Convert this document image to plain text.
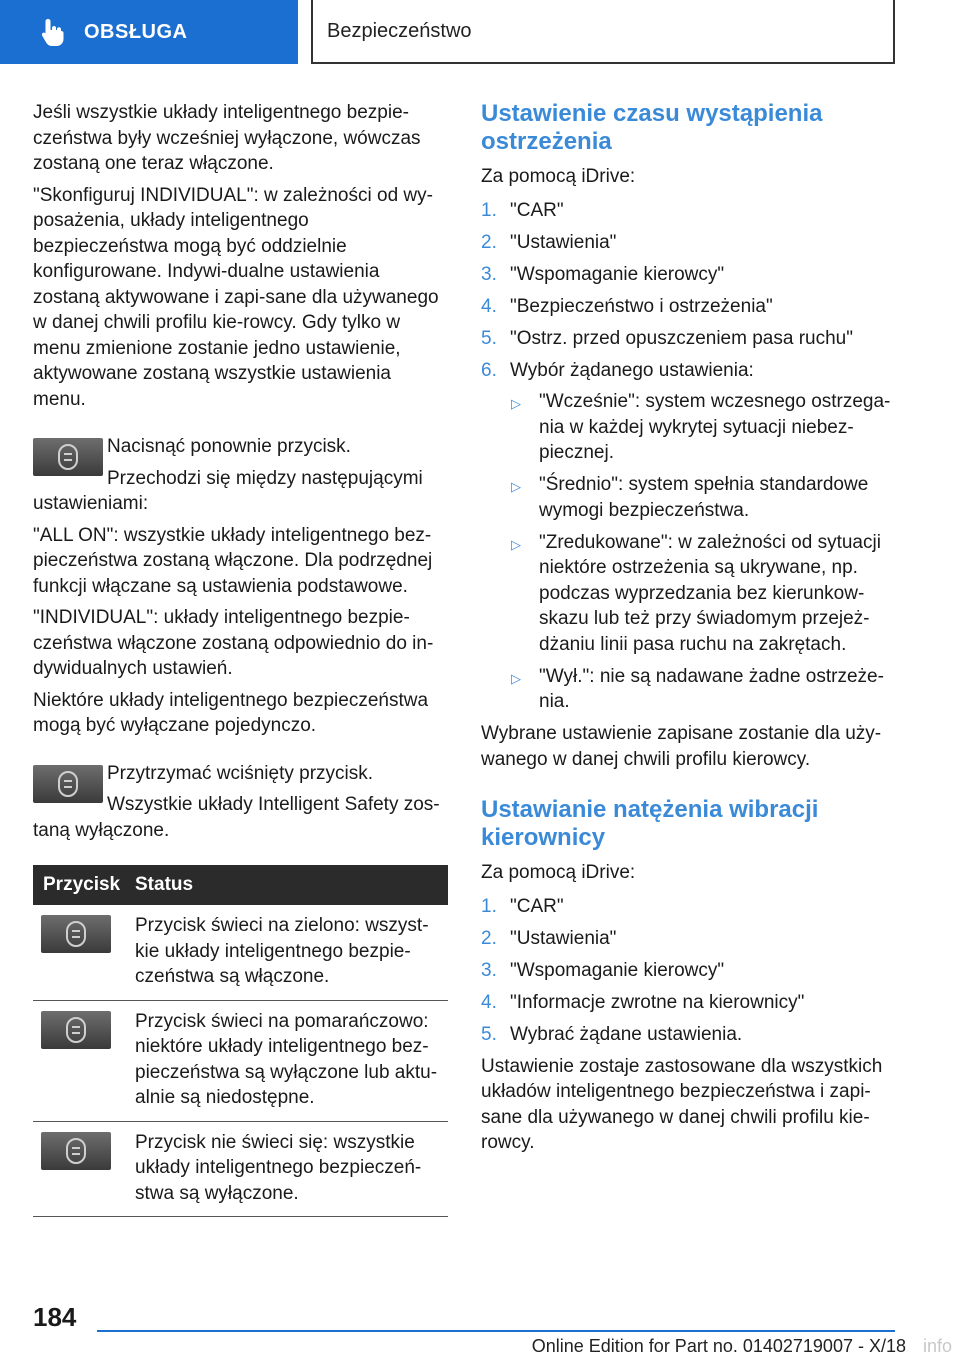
OBSŁUGA	Bezpieczeństwo

Jeśli wszystkie układy inteligentnego bezpie-czeństwa były wcześniej wyłączone, wówczas zostaną one teraz włączone.

"Skonfiguruj INDIVIDUAL": w zależności od wy-posażenia, układy inteligentnego bezpieczeństwa mogą być oddzielnie konfigurowane. Indywi-dualne ustawienia zostaną aktywowane i zapi-sane dla używanego w danej chwili profilu kie-rowcy. Gdy tylko w menu zmienione zostanie jedno ustawienie, aktywowane zostaną wszystkie ustawienia menu.

Nacisnąć ponownie przycisk.

Przechodzi się między następującymi ustawieniami:

"ALL ON": wszystkie układy inteligentnego bez-pieczeństwa zostaną włączone. Dla podrzędnej funkcji włączane są ustawienia podstawowe.

"INDIVIDUAL": układy inteligentnego bezpie-czeństwa włączone zostaną odpowiednio do in-dywidualnych ustawień.

Niektóre układy inteligentnego bezpieczeństwa mogą być wyłączane pojedynczo.

Przytrzymać wciśnięty przycisk.

Wszystkie układy Intelligent Safety zos-taną wyłączone.

Przycisk Status
Przycisk świeci na zielono: wszyst-kie układy inteligentnego bezpie-czeństwa są włączone.
Przycisk świeci na pomarańczowo: niektóre układy inteligentnego bez-pieczeństwa są wyłączone lub aktu-alnie są niedostępne.
Przycisk nie świeci się: wszystkie układy inteligentnego bezpieczeń-stwa są wyłączone.
Ustawienie czasu wystąpienia ostrzeżenia

Za pomocą iDrive:

1. "CAR"
2. "Ustawienia"
3. "Wspomaganie kierowcy"
4. "Bezpieczeństwo i ostrzeżenia"
5. "Ostrz. przed opuszczeniem pasa ruchu"
6. Wybór żądanego ustawienia:
▷ "Wcześnie": system wczesnego ostrzega-nia w każdej wykrytej sytuacji niebez-piecznej.
▷ "Średnio": system spełnia standardowe wymogi bezpieczeństwa.
▷ "Zredukowane": w zależności od sytuacji niektóre ostrzeżenia są ukrywane, np. podczas wyprzedzania bez kierunkow-skazu lub też przy świadomym przejeż-dżaniu linii pasa ruchu na zakrętach.
▷ "Wył.": nie są nadawane żadne ostrzeże-nia.

Wybrane ustawienie zapisane zostanie dla uży-wanego w danej chwili profilu kierowcy.

Ustawianie natężenia wibracji kierownicy

Za pomocą iDrive:

1. "CAR"
2. "Ustawienia"
3. "Wspomaganie kierowcy"
4. "Informacje zwrotne na kierownicy"
5. Wybrać żądane ustawienia.

Ustawienie zostaje zastosowane dla wszystkich układów inteligentnego bezpieczeństwa i zapi-sane dla używanego w danej chwili profilu kie-rowcy.

184
Online Edition for Part no. 01402719007 - X/18 info
